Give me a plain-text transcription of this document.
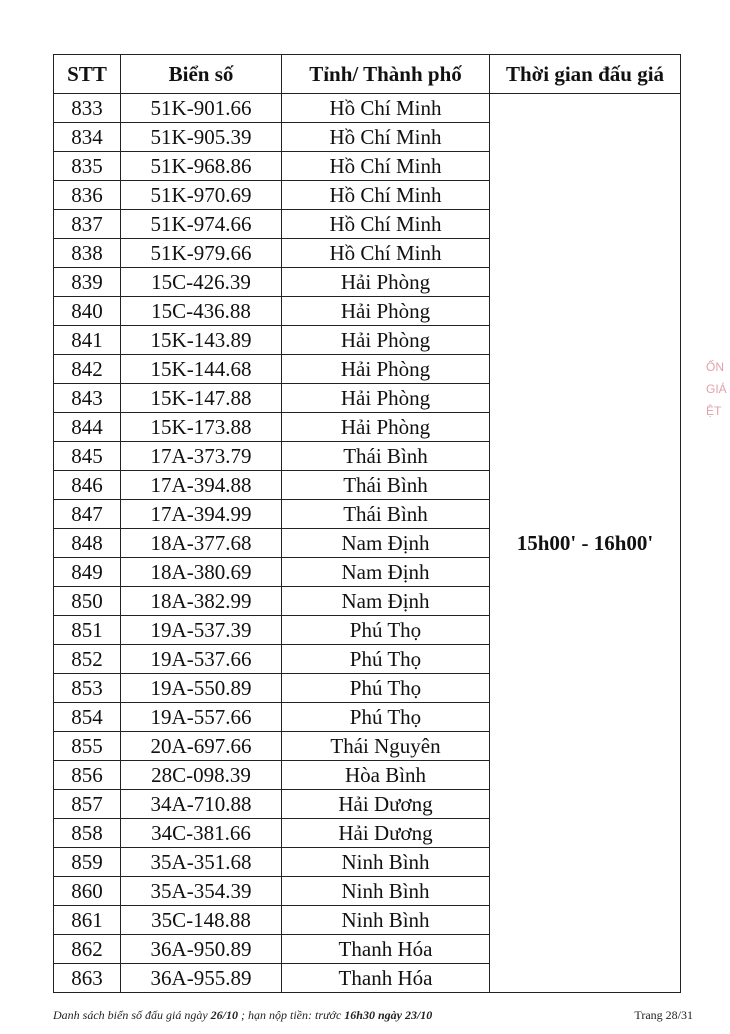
STT	Biển số	Tỉnh/ Thành phố	Thời gian đấu giá
833	51K-901.66	Hồ Chí Minh	15h00' - 16h00'
834	51K-905.39	Hồ Chí Minh	
835	51K-968.86	Hồ Chí Minh	
836	51K-970.69	Hồ Chí Minh	
837	51K-974.66	Hồ Chí Minh	
838	51K-979.66	Hồ Chí Minh	
839	15C-426.39	Hải Phòng	
840	15C-436.88	Hải Phòng	
841	15K-143.89	Hải Phòng	
842	15K-144.68	Hải Phòng	
843	15K-147.88	Hải Phòng	
844	15K-173.88	Hải Phòng	
845	17A-373.79	Thái Bình	
846	17A-394.88	Thái Bình	
847	17A-394.99	Thái Bình	
848	18A-377.68	Nam Định	
849	18A-380.69	Nam Định	
850	18A-382.99	Nam Định	
851	19A-537.39	Phú Thọ	
852	19A-537.66	Phú Thọ	
853	19A-550.89	Phú Thọ	
854	19A-557.66	Phú Thọ	
855	20A-697.66	Thái Nguyên	
856	28C-098.39	Hòa Bình	
857	34A-710.88	Hải Dương	
858	34C-381.66	Hải Dương	
859	35A-351.68	Ninh Bình	
860	35A-354.39	Ninh Bình	
861	35C-148.88	Ninh Bình	
862	36A-950.89	Thanh Hóa	
863	36A-955.89	Thanh Hóa	
Danh sách biển số đấu giá ngày 26/10 ; hạn nộp tiền: trước 16h30 ngày 23/10	Trang 28/31
ỐN
GIÁ
ỆT
